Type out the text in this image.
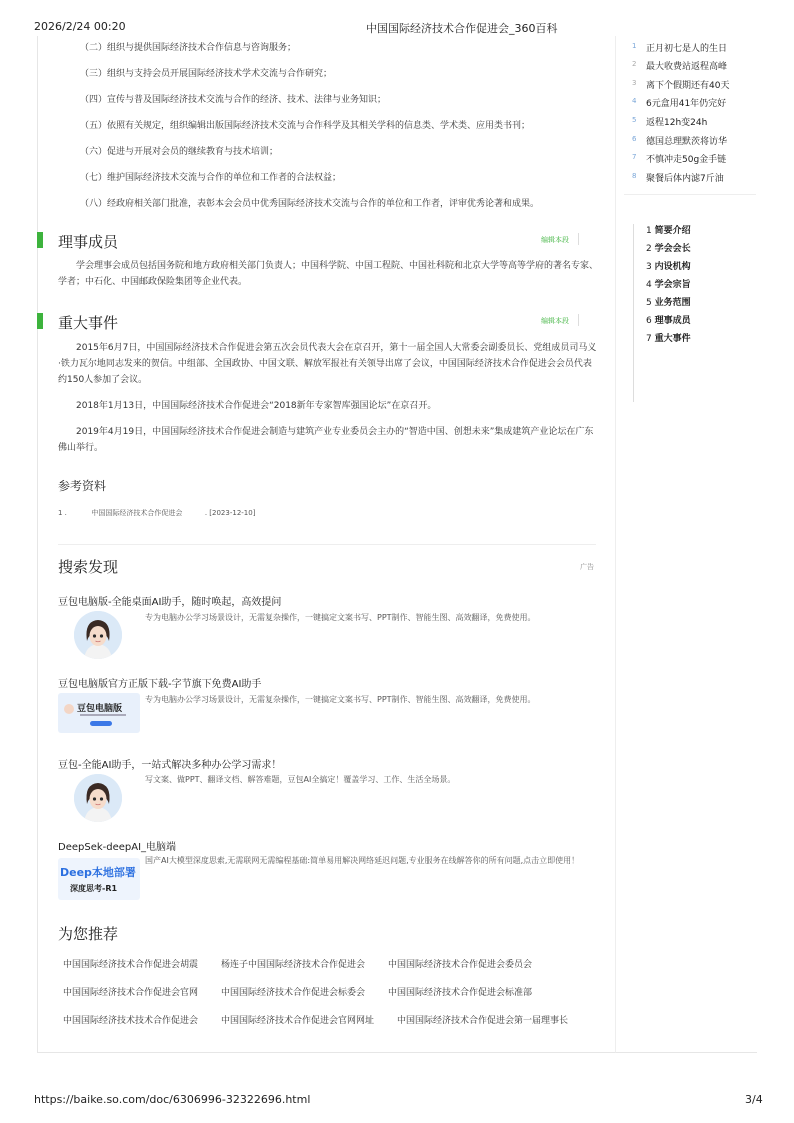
2026/2/24 00:20	中国国际经济技术合作促进会_360百科
https://baike.so.com/doc/6306996-32322696.html	3/4
（二）组织与提供国际经济技术合作信息与咨询服务；
（三）组织与支持会员开展国际经济技术学术交流与合作研究；
（四）宣传与普及国际经济技术交流与合作的经济、技术、法律与业务知识；
（五）依照有关规定，组织编辑出版国际经济技术交流与合作科学及其相关学科的信息类、学术类、应用类书刊；
（六）促进与开展对会员的继续教育与技术培训；
（七）维护国际经济技术交流与合作的单位和工作者的合法权益；
（八）经政府相关部门批准，表彰本会会员中优秀国际经济技术交流与合作的单位和工作者，评审优秀论著和成果。
理事成员	编辑本段
学会理事会成员包括国务院和地方政府相关部门负责人；中国科学院、中国工程院、中国社科院和北京大学等高等学府的著名专家、学者；中石化、中国邮政保险集团等企业代表。
重大事件	编辑本段
2015年6月7日，中国国际经济技术合作促进会第五次会员代表大会在京召开，第十一届全国人大常委会副委员长、党组成员司马义·铁力瓦尔地同志发来的贺信。中组部、全国政协、中国文联、解放军报社有关领导出席了会议，中国国际经济技术合作促进会会员代表约150人参加了会议。
2018年1月13日，中国国际经济技术合作促进会“2018新年专家智库强国论坛”在京召开。
2019年4月19日，中国国际经济技术合作促进会制造与建筑产业专业委员会主办的“智造中国、创想未来”集成建筑产业论坛在广东佛山举行。
参考资料
1 .	中国国际经济技术合作促进会	. [2023-12-10]
搜索发现	广告
豆包电脑版-全能桌面AI助手，随时唤起，高效提问
专为电脑办公学习场景设计，无需复杂操作，一键搞定文案书写、PPT制作、智能生图、高效翻译，免费使用。
豆包电脑版官方正版下载-字节旗下免费AI助手
豆包电脑版
专为电脑办公学习场景设计，无需复杂操作，一键搞定文案书写、PPT制作、智能生图、高效翻译，免费使用。
豆包-全能AI助手，一站式解决多种办公学习需求！
写文案、做PPT、翻译文档、解答难题，豆包AI全搞定！覆盖学习、工作、生活全场景。
DeepSek-deepAI_电脑端
Deep本地部署
深度思考-R1
国产AI大模型深度思索,无需联网无需编程基础:简单易用解决网络延迟问题,专业服务在线解答你的所有问题,点击立即使用！
为您推荐
中国国际经济技术合作促进会胡震	杨连子中国国际经济技术合作促进会	中国国际经济技术合作促进会委员会
中国国际经济技术合作促进会官网	中国国际经济技术合作促进会标委会	中国国际经济技术合作促进会标准部
中国国际经济技术技术合作促进会	中国国际经济技术合作促进会官网网址	中国国际经济技术合作促进会第一届理事长
1 正月初七是人的生日
2 最大收费站返程高峰
3 离下个假期还有40天
4 6元盒用41年仍完好
5 返程12h变24h
6 德国总理默茨将访华
7 不慎冲走50g金手链
8 聚餐后体内滤7斤油
1 简要介绍
2 学会会长
3 内设机构
4 学会宗旨
5 业务范围
6 理事成员
7 重大事件
